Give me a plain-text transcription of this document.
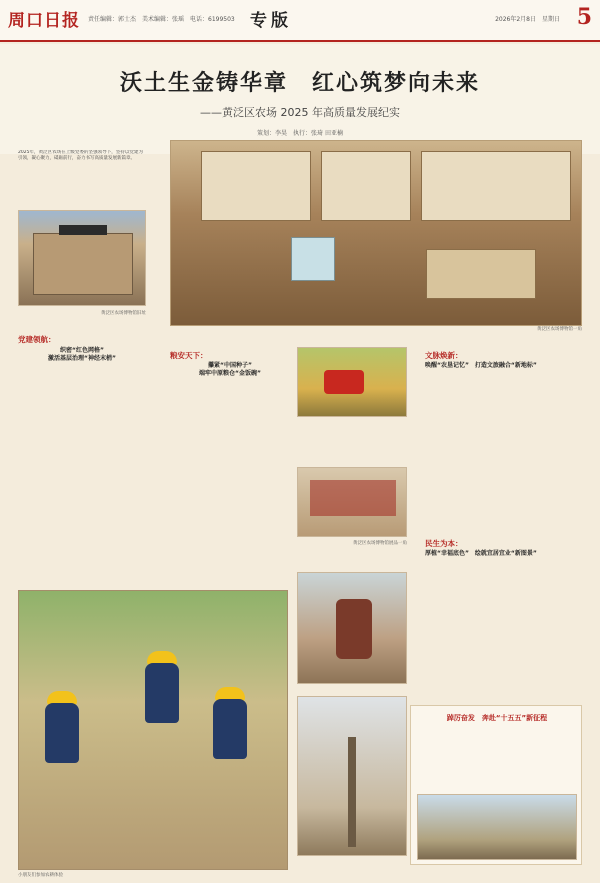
周口日报 责任编辑：郭士杰　美术编辑：张瑶　电话：6199503 专版	2026年2月8日　星期日 5
沃土生金铸华章　红心筑梦向未来
——黄泛区农场 2025 年高质量发展纪实
策划：李昊　执行：张琦 田亚楠
2025年，黄泛区农场在上级党委的坚强领导下，坚持以党建为引领，凝心聚力，砥砺前行，奋力书写高质量发展新篇章。
黄泛区农场博物馆旧址
黄泛区农场博物馆一角
党建领航：
织密“红色网格”
激活基层治理“神经末梢”	粮安天下：
攥紧“中国种子”
端牢中原粮仓“金饭碗”
文脉焕新：
唤醒“农垦记忆”　打造文旅融合“新地标”
黄泛区农场博物馆展品一角 民生为本：
厚植“幸福底色”　绘就宜居宜业“新图景”
小朋友们参加农耕体验
踔厉奋发　奔赴“十五五”新征程
